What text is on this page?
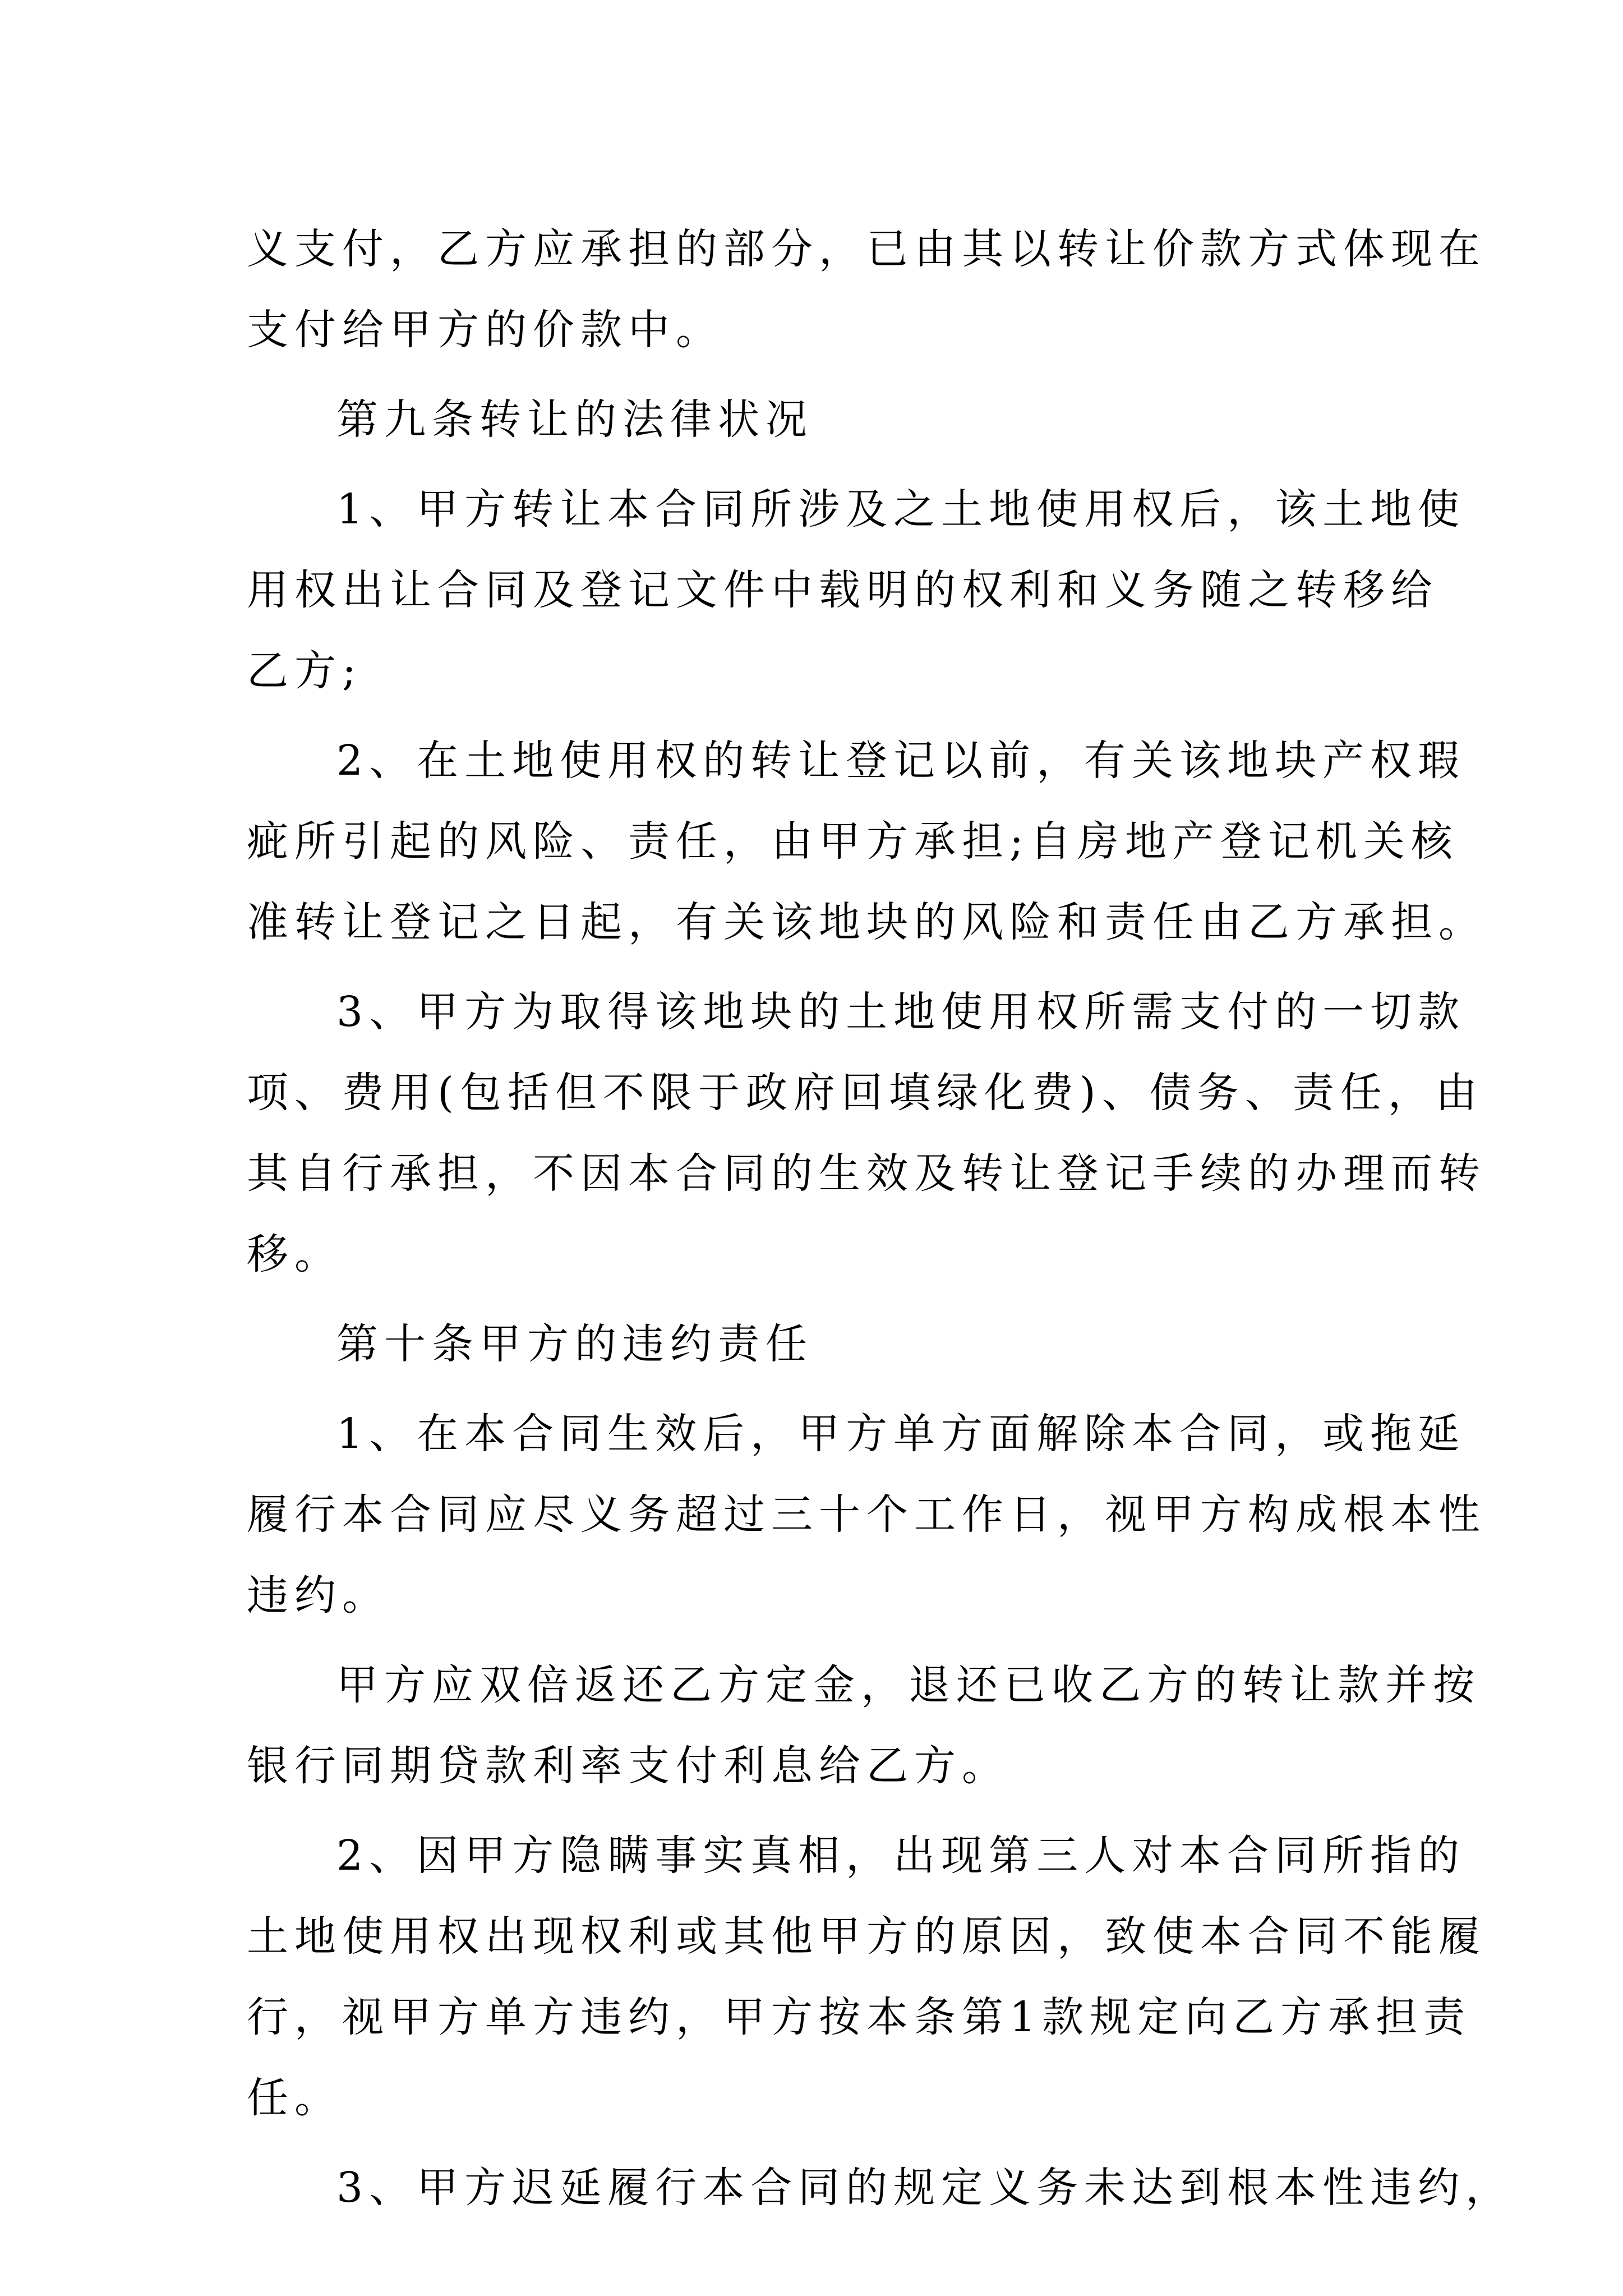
义支付，乙方应承担的部分，已由其以转让价款方式体现在
支付给甲方的价款中。
第九条转让的法律状况
1、甲方转让本合同所涉及之土地使用权后，该土地使
用权出让合同及登记文件中载明的权利和义务随之转移给
乙方;
2、在土地使用权的转让登记以前，有关该地块产权瑕
疵所引起的风险、责任，由甲方承担;自房地产登记机关核
准转让登记之日起，有关该地块的风险和责任由乙方承担。
3、甲方为取得该地块的土地使用权所需支付的一切款
项、费用(包括但不限于政府回填绿化费)、债务、责任，由
其自行承担，不因本合同的生效及转让登记手续的办理而转
移。
第十条甲方的违约责任
1、在本合同生效后，甲方单方面解除本合同，或拖延
履行本合同应尽义务超过三十个工作日，视甲方构成根本性
违约。
甲方应双倍返还乙方定金，退还已收乙方的转让款并按
银行同期贷款利率支付利息给乙方。
2、因甲方隐瞒事实真相，出现第三人对本合同所指的
土地使用权出现权利或其他甲方的原因，致使本合同不能履
行，视甲方单方违约，甲方按本条第1款规定向乙方承担责
任。
3、甲方迟延履行本合同的规定义务未达到根本性违约，
